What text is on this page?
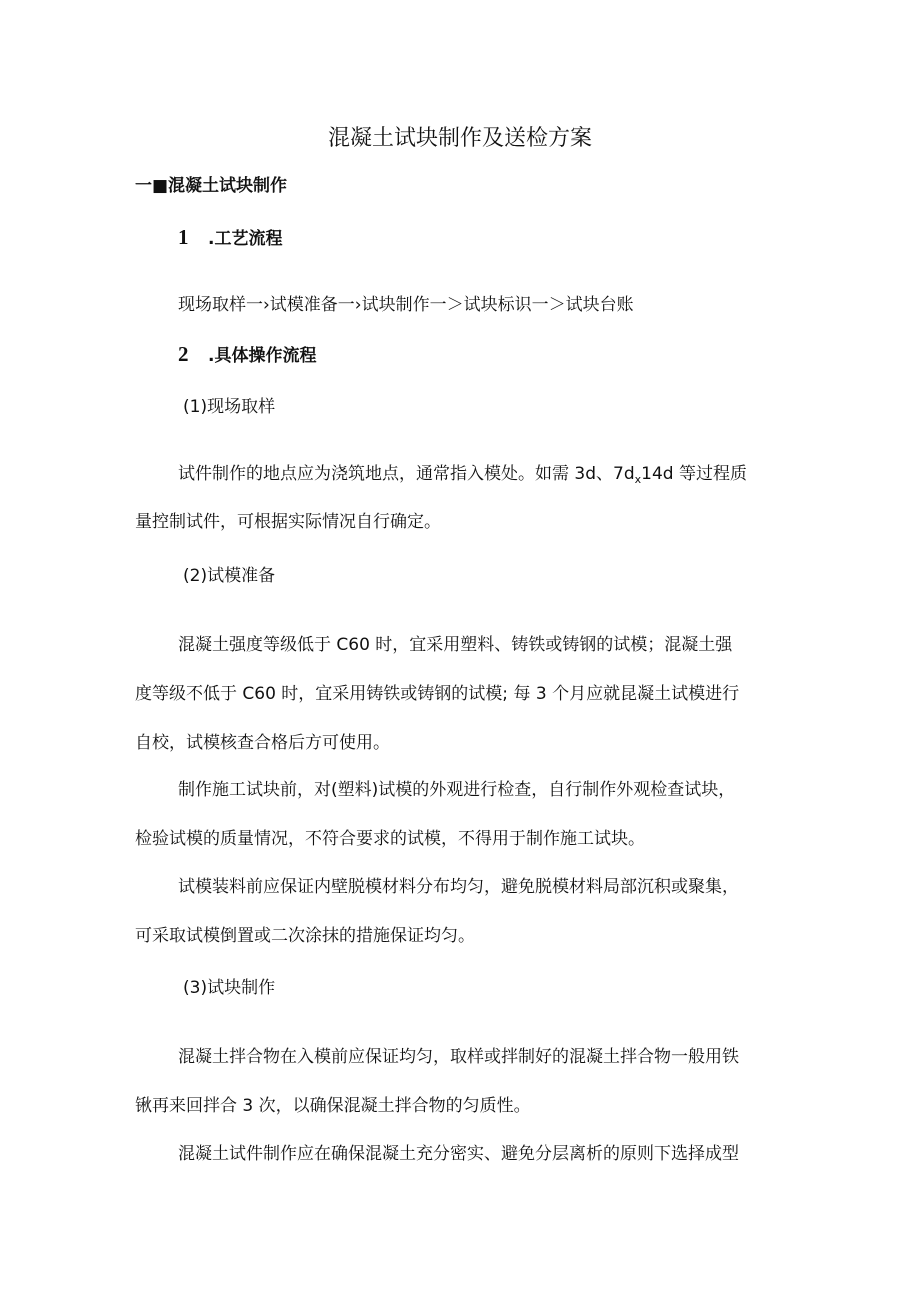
混凝土试块制作及送检方案
一■混凝土试块制作
1 .工艺流程
现场取样一›试模准备一›试块制作一＞试块标识一＞试块台账
2 .具体操作流程
(1)现场取样
试件制作的地点应为浇筑地点，通常指入模处。如需 3d、$7d_x14d$ 等过程质
量控制试件，可根据实际情况自行确定。
(2)试模准备
混凝土强度等级低于 C60 时，宜采用塑料、铸铁或铸钢的试模；混凝土强
度等级不低于 C60 时，宜采用铸铁或铸钢的试模; 每 3 个月应就昆凝土试模进行
自校，试模核查合格后方可使用。
制作施工试块前，对(塑料)试模的外观进行检查，自行制作外观检查试块，
检验试模的质量情况，不符合要求的试模，不得用于制作施工试块。
试模装料前应保证内壁脱模材料分布均匀，避免脱模材料局部沉积或聚集，
可采取试模倒置或二次涂抹的措施保证均匀。
(3)试块制作
混凝土拌合物在入模前应保证均匀，取样或拌制好的混凝土拌合物一般用铁
锹再来回拌合 3 次，以确保混凝土拌合物的匀质性。
混凝土试件制作应在确保混凝土充分密实、避免分层离析的原则下选择成型
